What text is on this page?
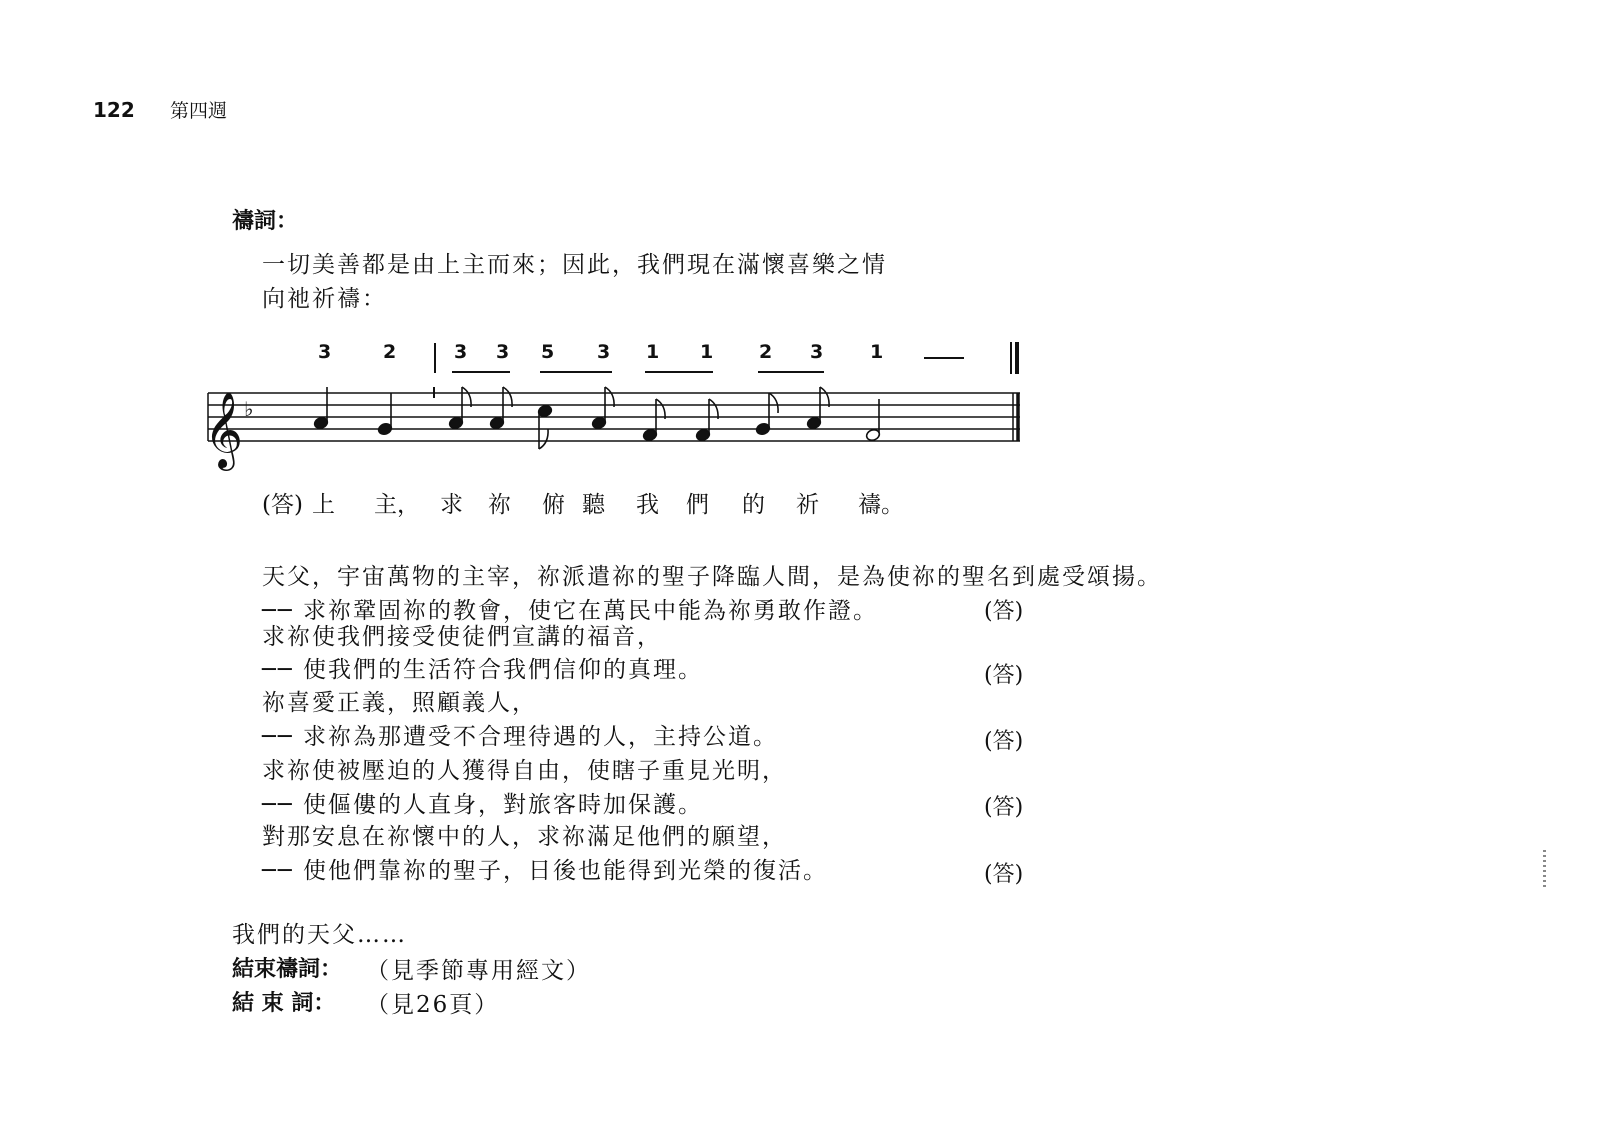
122 第四週
禱詞：
一切美善都是由上主而來；因此，我們現在滿懷喜樂之情
向祂祈禱：
3	2	3 3 5 3 1 1 2 3 1
𝄞 ♭
(答) 上 主， 求 祢 俯 聽 我 們 的 祈 禱。
天父，宇宙萬物的主宰，祢派遣祢的聖子降臨人間，是為使祢的聖名到處受頌揚。
── 求祢鞏固祢的教會，使它在萬民中能為祢勇敢作證。	(答)
求祢使我們接受使徒們宣講的福音，
── 使我們的生活符合我們信仰的真理。	(答)
祢喜愛正義，照顧義人，
── 求祢為那遭受不合理待遇的人，主持公道。	(答)
求祢使被壓迫的人獲得自由，使瞎子重見光明，
── 使傴僂的人直身，對旅客時加保護。	(答)
對那安息在祢懷中的人，求祢滿足他們的願望，
── 使他們靠祢的聖子，日後也能得到光榮的復活。	(答)
我們的天父……
結束禱詞： （見季節專用經文）
結 束 詞： （見26頁）
